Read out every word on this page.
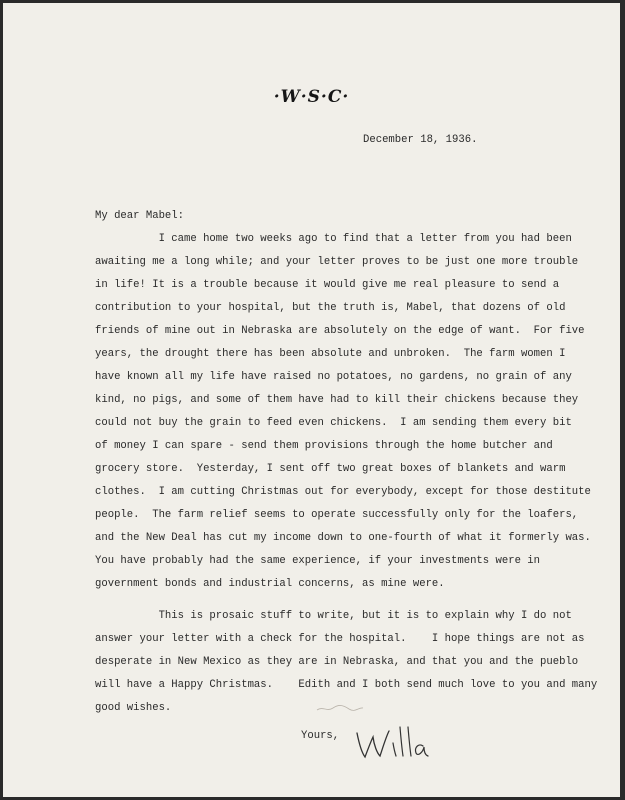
·W·S·C·
December 18, 1936.
My dear Mabel:

I came home two weeks ago to find that a letter from you had been

awaiting me a long while; and your letter proves to be just one more trouble

in life! It is a trouble because it would give me real pleasure to send a

contribution to your hospital, but the truth is, Mabel, that dozens of old

friends of mine out in Nebraska are absolutely on the edge of want.  For five

years, the drought there has been absolute and unbroken.  The farm women I

have known all my life have raised no potatoes, no gardens, no grain of any

kind, no pigs, and some of them have had to kill their chickens because they

could not buy the grain to feed even chickens.  I am sending them every bit

of money I can spare - send them provisions through the home butcher and

grocery store.  Yesterday, I sent off two great boxes of blankets and warm

clothes.  I am cutting Christmas out for everybody, except for those destitute

people.  The farm relief seems to operate successfully only for the loafers,

and the New Deal has cut my income down to one-fourth of what it formerly was.

You have probably had the same experience, if your investments were in

government bonds and industrial concerns, as mine were.

This is prosaic stuff to write, but it is to explain why I do not

answer your letter with a check for the hospital.    I hope things are not as

desperate in New Mexico as they are in Nebraska, and that you and the pueblo

will have a Happy Christmas.    Edith and I both send much love to you and many

good wishes.

Yours,
